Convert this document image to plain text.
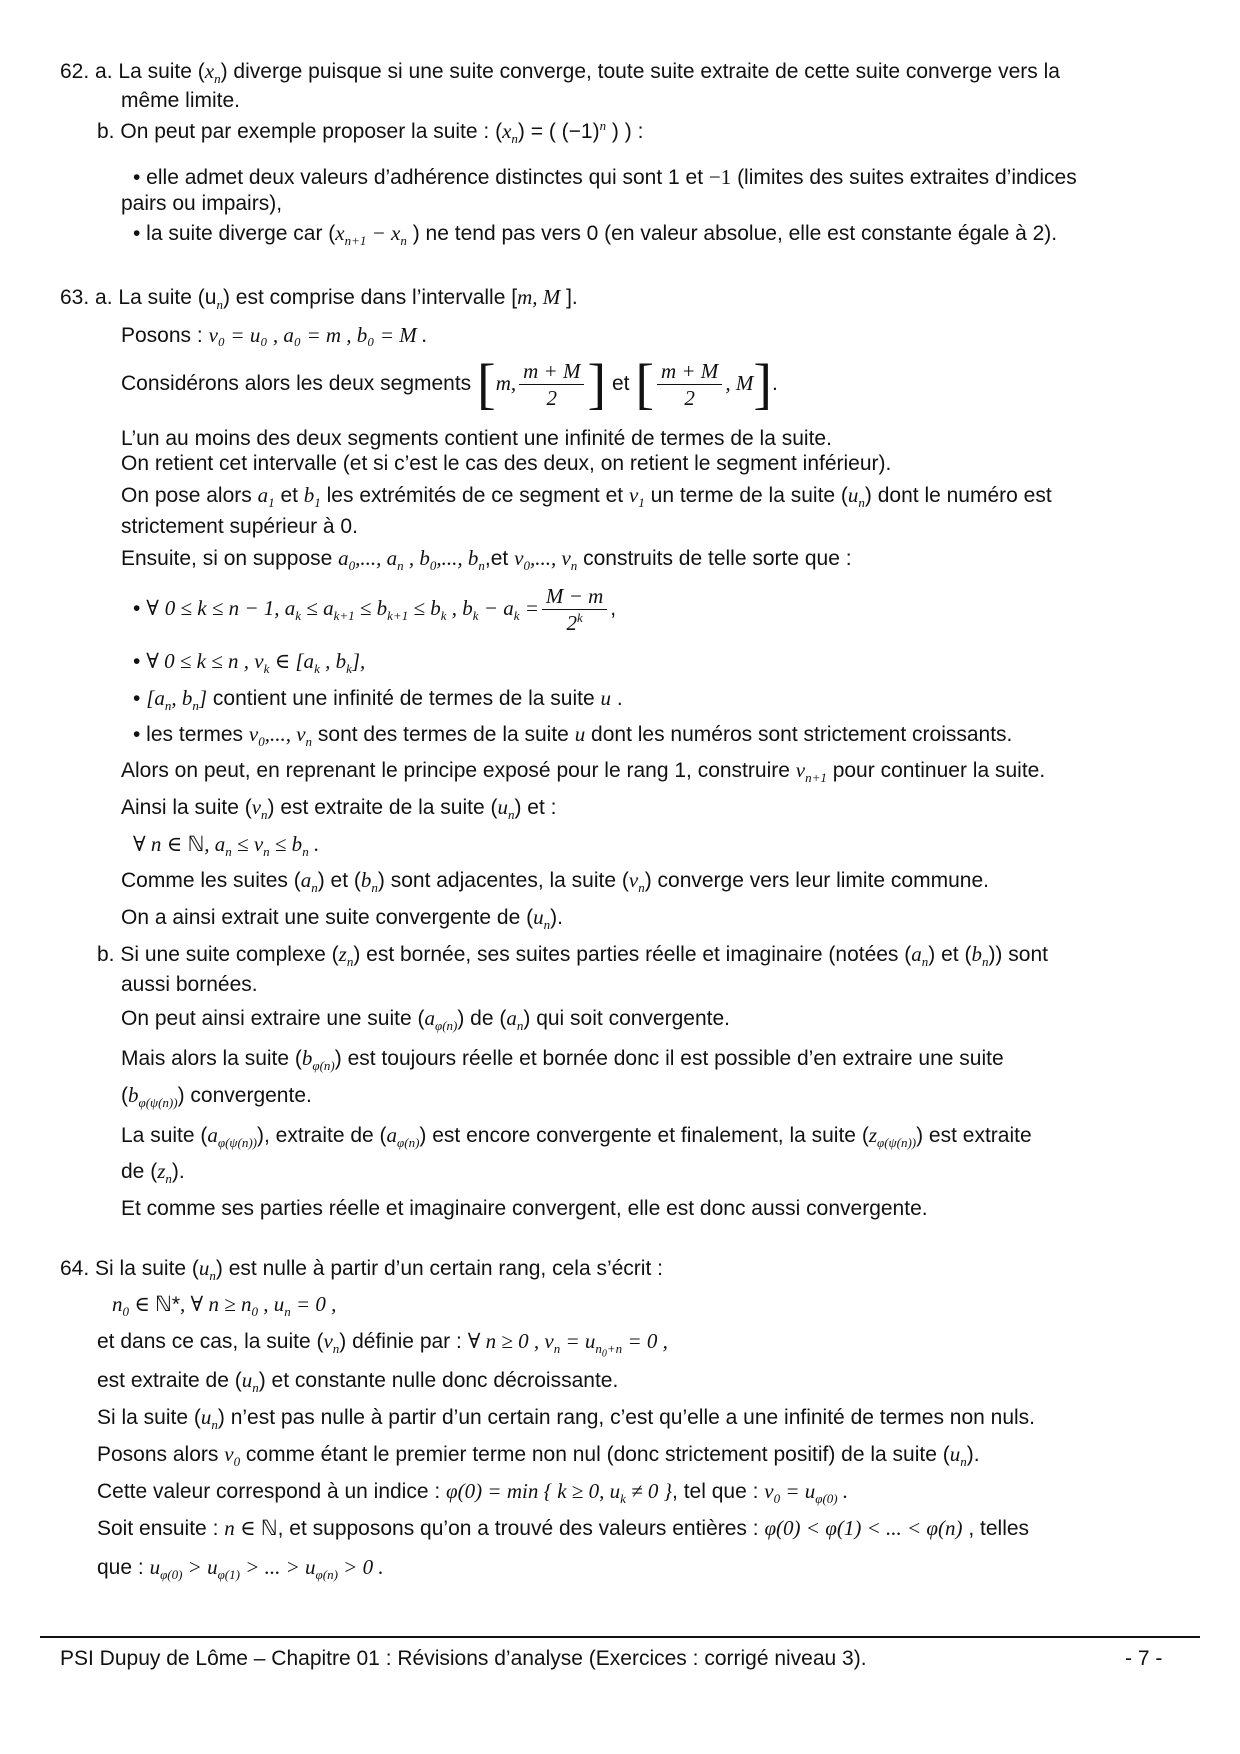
62. a. La suite $(x_n)$ diverge puisque si une suite converge, toute suite extraite de cette suite converge vers la
même limite.
b. On peut par exemple proposer la suite : $(x_n)$ = ( $(-1)^n$ ) ) :
• elle admet deux valeurs d’adhérence distinctes qui sont 1 et −1 (limites des suites extraites d’indices
pairs ou impairs),
• la suite diverge car ($x_{n+1} - x_n$ ) ne tend pas vers 0 (en valeur absolue, elle est constante égale à 2).
63. a. La suite $(u_n)$ est comprise dans l’intervalle [m, M ].
Posons : v₀ = u₀ , a₀ = m , b₀ = M .
Considérons alors les deux segments [m, $\frac{m + M}{2}$ ] et [ $\frac{m + M}{2}$ , M].
L’un au moins des deux segments contient une infinité de termes de la suite.
On retient cet intervalle (et si c’est le cas des deux, on retient le segment inférieur).
On pose alors $a_1$ et $b_1$ les extrémités de ce segment et $v_1$ un terme de la suite $(u_n)$ dont le numéro est
strictement supérieur à 0.
Ensuite, si on suppose $a_0$,..., $a_n$ , $b_0$,..., $b_n,et$ $v_0$,..., $v_n$ construits de telle sorte que :
• ∀ 0 ≤ k ≤ n − 1, $a_k \le a_{k+1} \le b_{k+1} \le b_k$ , $b_k - a_k = \frac{M - m}{2^k}$ ,
• ∀ 0 ≤ k ≤ n , $v_k$ ∈ [$a_k$ , $b_k$],
• [$a_n$, $b_n$] contient une infinité de termes de la suite u .
• les termes $v_0$,..., $v_n$ sont des termes de la suite u dont les numéros sont strictement croissants.
Alors on peut, en reprenant le principe exposé pour le rang 1, construire $v_{n+1}$ pour continuer la suite.
Ainsi la suite $(v_n)$ est extraite de la suite $(u_n)$ et :
∀ n ∈ ℕ, $a_n \le v_n \le b_n$ .
Comme les suites $(a_n)$ et $(b_n)$ sont adjacentes, la suite $(v_n)$ converge vers leur limite commune.
On a ainsi extrait une suite convergente de $(u_n)$.
b. Si une suite complexe $(z_n)$ est bornée, ses suites parties réelle et imaginaire (notées $(a_n)$ et $(b_n)$) sont
aussi bornées.
On peut ainsi extraire une suite $(a_{\varphi(n)})$ de $(a_n)$ qui soit convergente.
Mais alors la suite $(b_{\varphi(n)})$ est toujours réelle et bornée donc il est possible d’en extraire une suite
$(b_{\varphi(\psi(n))})$ convergente.
La suite $(a_{\varphi(\psi(n))})$, extraite de $(a_{\varphi(n)})$ est encore convergente et finalement, la suite $(z_{\varphi(\psi(n))})$ est extraite
de $(z_n)$.
Et comme ses parties réelle et imaginaire convergent, elle est donc aussi convergente.
64. Si la suite $(u_n)$ est nulle à partir d’un certain rang, cela s’écrit :
$n_0$ ∈ ℕ*, ∀ $n \ge n_0$ , $u_n = 0$ ,
et dans ce cas, la suite $(v_n)$ définie par : ∀ n ≥ 0 , $v_n = u_{n_0+n} = 0$ ,
est extraite de $(u_n)$ et constante nulle donc décroissante.
Si la suite $(u_n)$ n’est pas nulle à partir d’un certain rang, c’est qu’elle a une infinité de termes non nuls.
Posons alors $v_0$ comme étant le premier terme non nul (donc strictement positif) de la suite $(u_n)$.
Cette valeur correspond à un indice : φ(0) = min { k ≥ 0, $u_k \ne 0$ }, tel que : $v_0 = u_{\varphi(0)}$ .
Soit ensuite : n ∈ ℕ, et supposons qu’on a trouvé des valeurs entières : φ(0) < φ(1) < ... < φ(n) , telles
que : $u_{\varphi(0)} > u_{\varphi(1)}$ > ... > $u_{\varphi(n)} > 0$ .
PSI Dupuy de Lôme – Chapitre 01 : Révisions d’analyse (Exercices : corrigé niveau 3).	- 7 -
